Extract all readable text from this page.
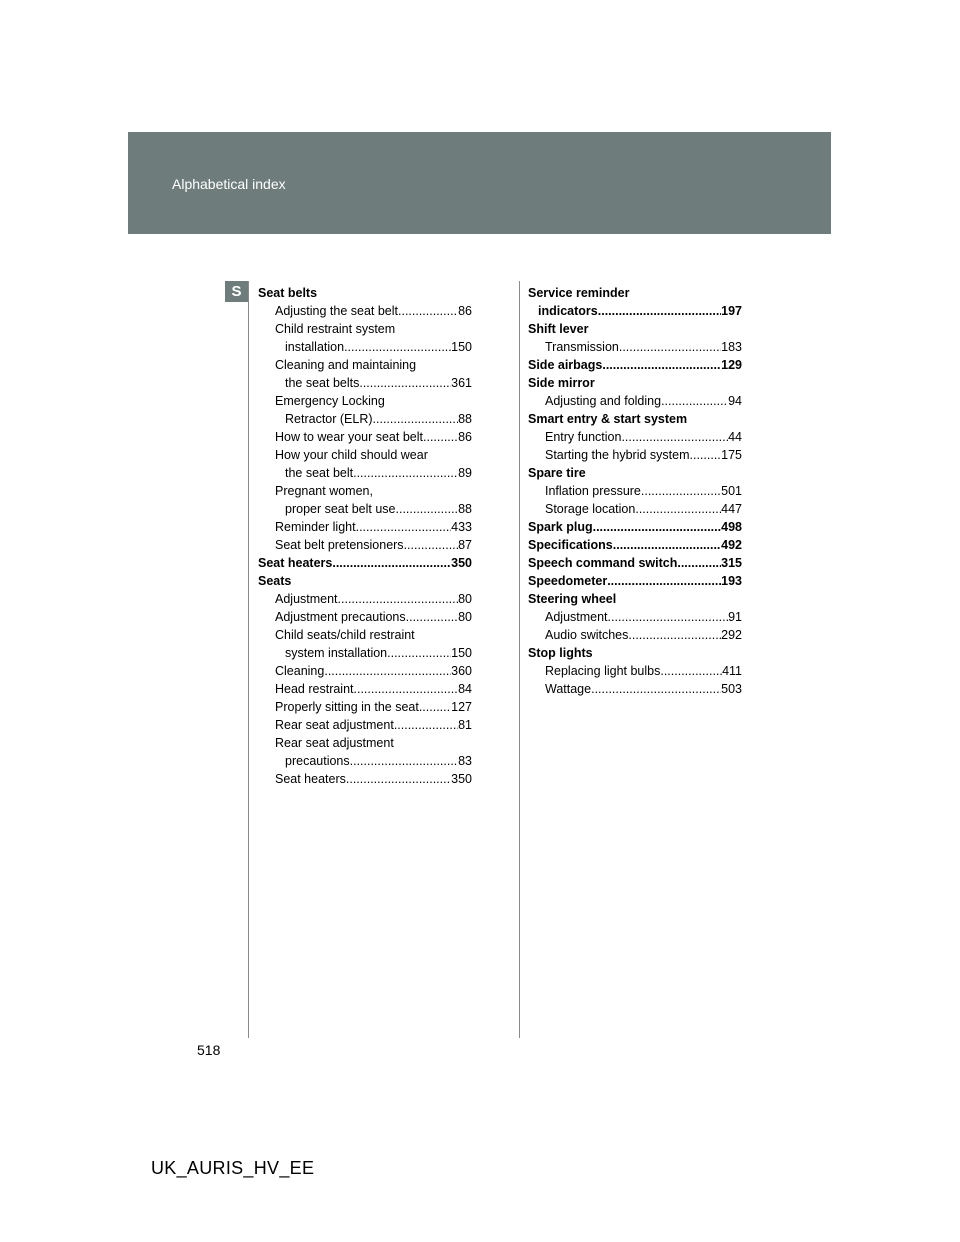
Alphabetical index
S	Seat belts
Adjusting the seat belt .....	86
Child restraint system
installation .....	150
Cleaning and maintaining
the seat belts .....	361
Emergency Locking
Retractor (ELR) .....	88
How to wear your seat belt .....	86
How your child should wear
the seat belt .....	89
Pregnant women,
proper seat belt use .....	88
Reminder light .....	433
Seat belt pretensioners .....	87
Seat heaters .....	350
Seats
Adjustment .....	80
Adjustment precautions .....	80
Child seats/child restraint
system installation .....	150
Cleaning .....	360
Head restraint .....	84
Properly sitting in the seat .....	127
Rear seat adjustment .....	81
Rear seat adjustment
precautions .....	83
Seat heaters .....	350
Service reminder
indicators .....	197
Shift lever
Transmission .....	183
Side airbags .....	129
Side mirror
Adjusting and folding .....	94
Smart entry & start system
Entry function .....	44
Starting the hybrid system .....	175
Spare tire
Inflation pressure .....	501
Storage location .....	447
Spark plug .....	498
Specifications .....	492
Speech command switch .....	315
Speedometer .....	193
Steering wheel
Adjustment .....	91
Audio switches .....	292
Stop lights
Replacing light bulbs .....	411
Wattage .....	503
518
UK_AURIS_HV_EE
